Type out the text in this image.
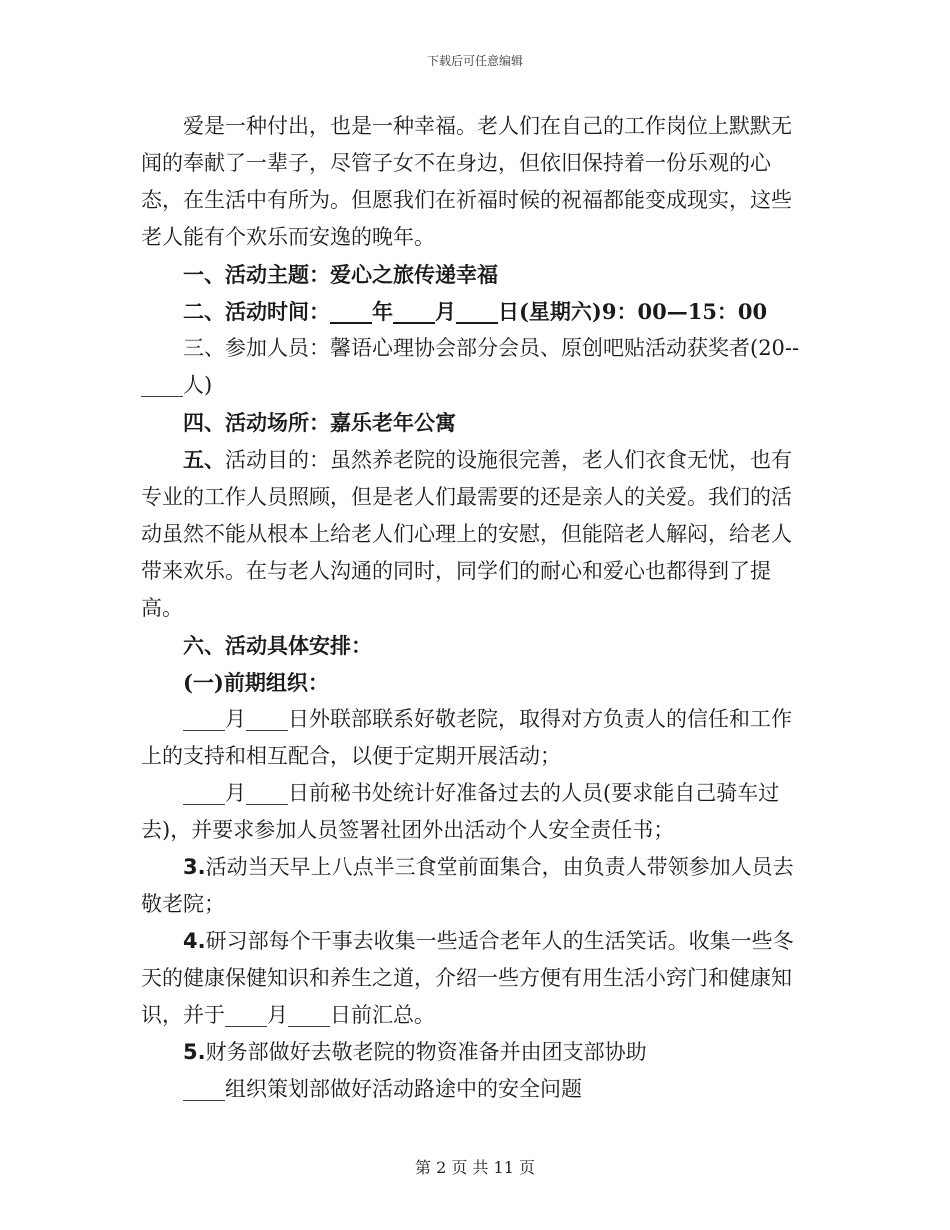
下载后可任意编辑

爱是一种付出，也是一种幸福。老人们在自己的工作岗位上默默无闻的奉献了一辈子，尽管子女不在身边，但依旧保持着一份乐观的心态，在生活中有所为。但愿我们在祈福时候的祝福都能变成现实，这些老人能有个欢乐而安逸的晚年。

一、活动主题：爱心之旅传递幸福

二、活动时间：____年____月____日(星期六)9：00—15：00

三、参加人员：馨语心理协会部分会员、原创吧贴活动获奖者(20--____人)

四、活动场所：嘉乐老年公寓

五、活动目的：虽然养老院的设施很完善，老人们衣食无忧，也有专业的工作人员照顾，但是老人们最需要的还是亲人的关爱。我们的活动虽然不能从根本上给老人们心理上的安慰，但能陪老人解闷，给老人带来欢乐。在与老人沟通的同时，同学们的耐心和爱心也都得到了提高。

六、活动具体安排：

(一)前期组织：

____月____日外联部联系好敬老院，取得对方负责人的信任和工作上的支持和相互配合，以便于定期开展活动；

____月____日前秘书处统计好准备过去的人员(要求能自己骑车过去)，并要求参加人员签署社团外出活动个人安全责任书；

3.活动当天早上八点半三食堂前面集合，由负责人带领参加人员去敬老院；

4.研习部每个干事去收集一些适合老年人的生活笑话。收集一些冬天的健康保健知识和养生之道，介绍一些方便有用生活小窍门和健康知识，并于____月____日前汇总。

5.财务部做好去敬老院的物资准备并由团支部协助

____组织策划部做好活动路途中的安全问题

第 2 页 共 11 页
